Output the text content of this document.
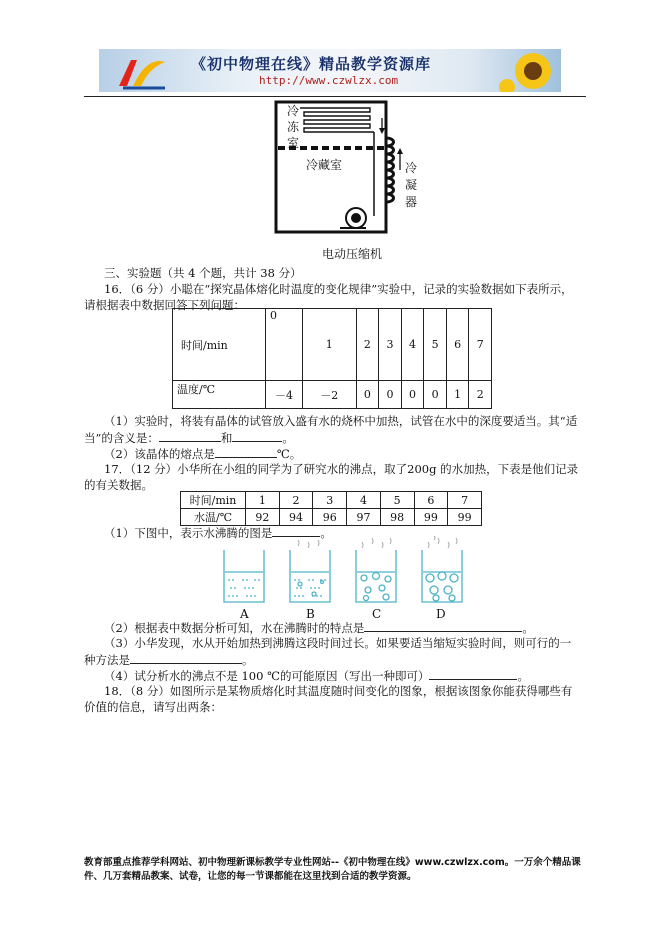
《初中物理在线》精品教学资源库
http://www.czwlzx.com
冷冻室
冷藏室	冷凝器
电动压缩机
三、实验题（共 4 个题，共计 38 分）
16．（6 分）小聪在“探究晶体熔化时温度的变化规律”实验中，记录的实验数据如下表所示，
请根据表中数据回答下列问题：
时间/min	0	1	2	3	4	5	6	7
温度/℃	－4	－2	0	0	0	0	1	2
（1）实验时，将装有晶体的试管放入盛有水的烧杯中加热，试管在水中的深度要适当。其“适
当”的含义是：	和	。
（2）该晶体的熔点是	℃。
17．（12 分）小华所在小组的同学为了研究水的沸点，取了200g 的水加热，下表是他们记录
的有关数据。
时间/min	1	2	3	4	5	6	7
水温/℃	92	94	96	97	98	99	99
（1）下图中，表示水沸腾的图是	。
A	B	C	D
（2）根据表中数据分析可知，水在沸腾时的特点是	。
（3）小华发现，水从开始加热到沸腾这段时间过长。如果要适当缩短实验时间，则可行的一
种方法是	。
（4）试分析水的沸点不是 100 ℃的可能原因（写出一种即可）	。
18．（8 分）如图所示是某物质熔化时其温度随时间变化的图象，根据该图象你能获得哪些有
价值的信息，请写出两条：
教育部重点推荐学科网站、初中物理新课标教学专业性网站--《初中物理在线》www.czwlzx.com。一万余个精品课件、几万套精品教案、试卷，让您的每一节课都能在这里找到合适的教学资源。
